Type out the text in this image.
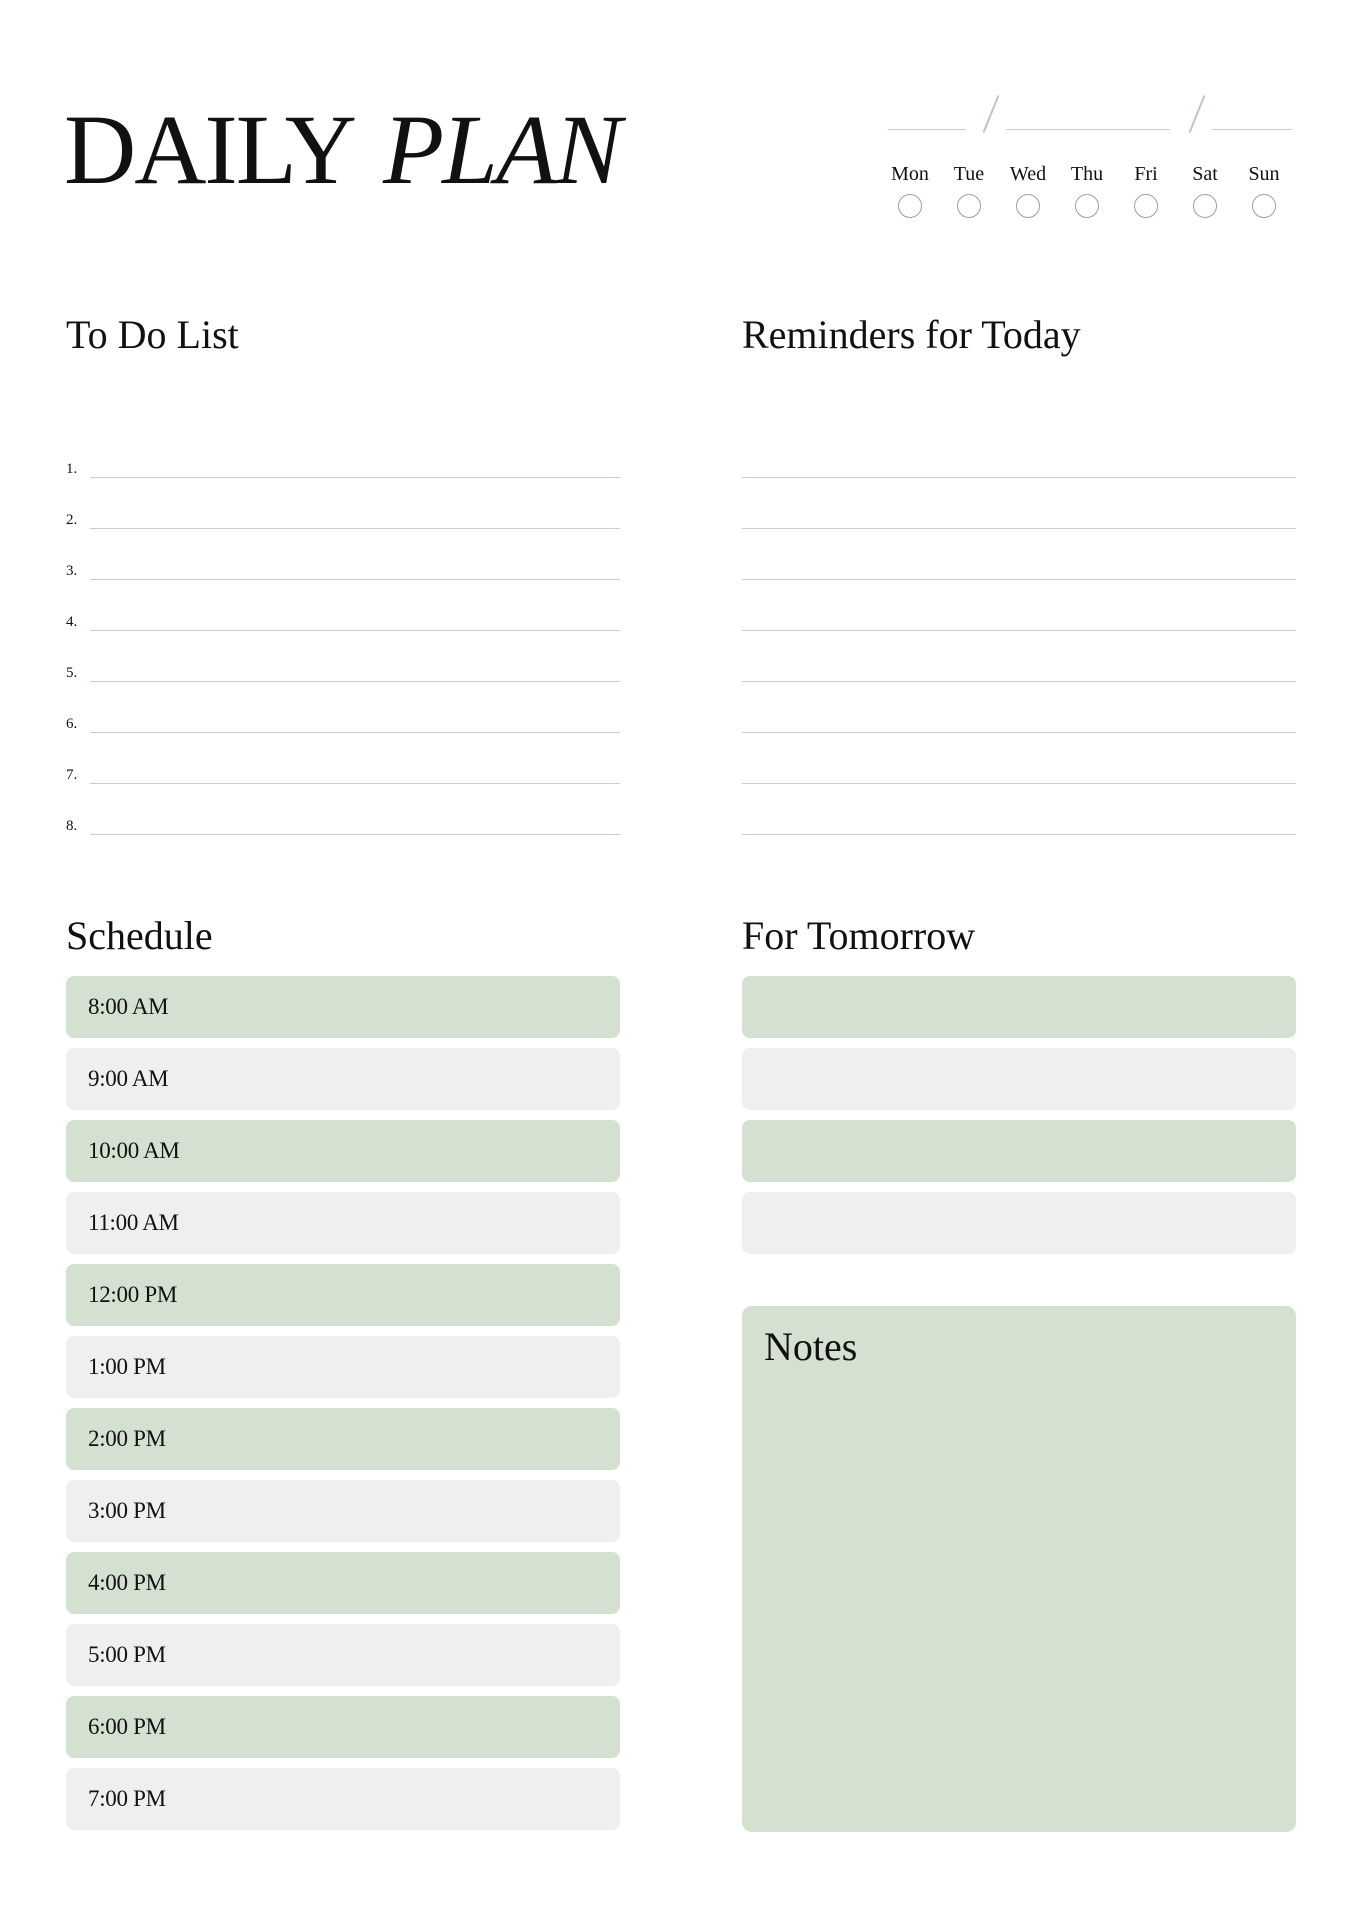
DAILY PLAN	Mon	Tue	Wed	Thu	Fri	Sat	Sun
To Do List
1.
2.
3.
4.
5.
6.
7.
8.
Reminders for Today
Schedule
8:00 AM
9:00 AM
10:00 AM
11:00 AM
12:00 PM
1:00 PM
2:00 PM
3:00 PM
4:00 PM
5:00 PM
6:00 PM
7:00 PM
For Tomorrow
Notes
